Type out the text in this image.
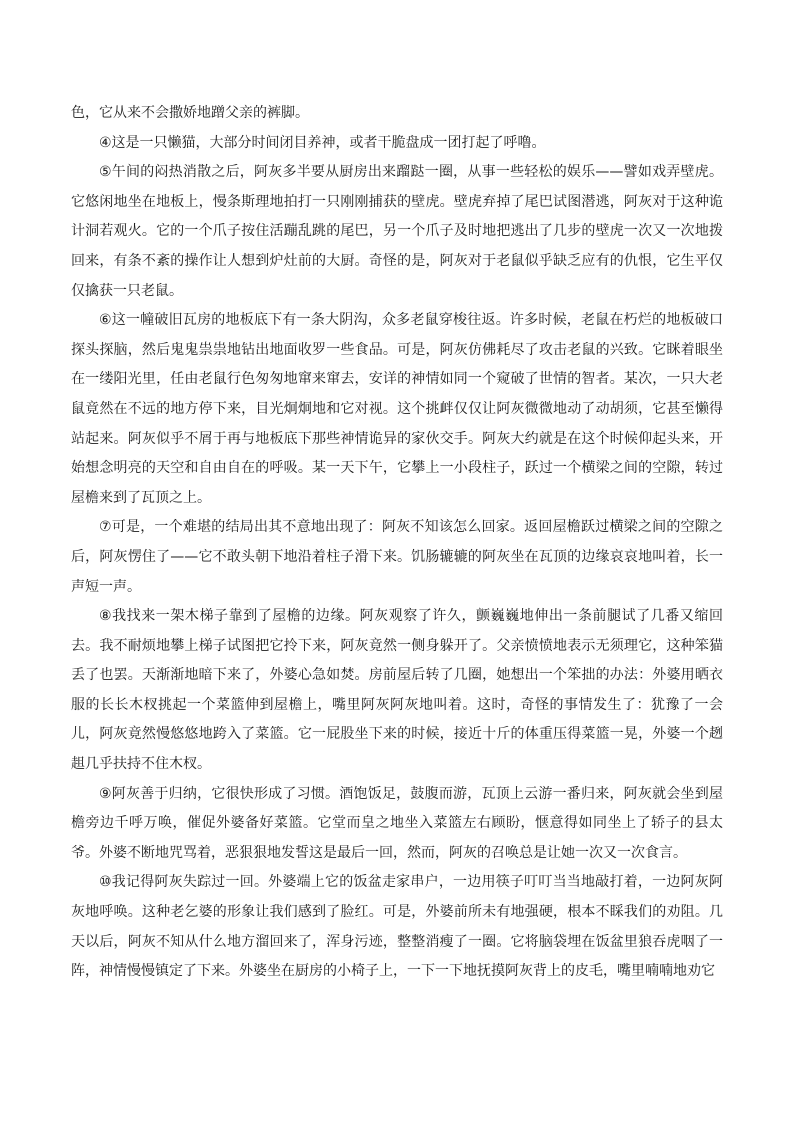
色，它从来不会撒娇地蹭父亲的裤脚。

④这是一只懒猫，大部分时间闭目养神，或者干脆盘成一团打起了呼噜。

⑤午间的闷热消散之后，阿灰多半要从厨房出来蹓跶一圈，从事一些轻松的娱乐——譬如戏弄壁虎。它悠闲地坐在地板上，慢条斯理地拍打一只刚刚捕获的壁虎。壁虎弃掉了尾巴试图潜逃，阿灰对于这种诡计洞若观火。它的一个爪子按住活蹦乱跳的尾巴，另一个爪子及时地把逃出了几步的壁虎一次又一次地拨回来，有条不紊的操作让人想到炉灶前的大厨。奇怪的是，阿灰对于老鼠似乎缺乏应有的仇恨，它生平仅仅擒获一只老鼠。

⑥这一幢破旧瓦房的地板底下有一条大阴沟，众多老鼠穿梭往返。许多时候，老鼠在朽烂的地板破口探头探脑，然后鬼鬼祟祟地钻出地面收罗一些食品。可是，阿灰仿佛耗尽了攻击老鼠的兴致。它眯着眼坐在一缕阳光里，任由老鼠行色匆匆地窜来窜去，安详的神情如同一个窥破了世情的智者。某次，一只大老鼠竟然在不远的地方停下来，目光炯炯地和它对视。这个挑衅仅仅让阿灰微微地动了动胡须，它甚至懒得站起来。阿灰似乎不屑于再与地板底下那些神情诡异的家伙交手。阿灰大约就是在这个时候仰起头来，开始想念明亮的天空和自由自在的呼吸。某一天下午，它攀上一小段柱子，跃过一个横梁之间的空隙，转过屋檐来到了瓦顶之上。

⑦可是，一个难堪的结局出其不意地出现了：阿灰不知该怎么回家。返回屋檐跃过横梁之间的空隙之后，阿灰愣住了——它不敢头朝下地沿着柱子滑下来。饥肠辘辘的阿灰坐在瓦顶的边缘哀哀地叫着，长一声短一声。

⑧我找来一架木梯子靠到了屋檐的边缘。阿灰观察了许久，颤巍巍地伸出一条前腿试了几番又缩回去。我不耐烦地攀上梯子试图把它拎下来，阿灰竟然一侧身躲开了。父亲愤愤地表示无须理它，这种笨猫丢了也罢。天渐渐地暗下来了，外婆心急如焚。房前屋后转了几圈，她想出一个笨拙的办法：外婆用晒衣服的长长木杈挑起一个菜篮伸到屋檐上，嘴里阿灰阿灰地叫着。这时，奇怪的事情发生了：犹豫了一会儿，阿灰竟然慢悠悠地跨入了菜篮。它一屁股坐下来的时候，接近十斤的体重压得菜篮一晃，外婆一个趔趄几乎扶持不住木杈。

⑨阿灰善于归纳，它很快形成了习惯。酒饱饭足，鼓腹而游，瓦顶上云游一番归来，阿灰就会坐到屋檐旁边千呼万唤，催促外婆备好菜篮。它堂而皇之地坐入菜篮左右顾盼，惬意得如同坐上了轿子的县太爷。外婆不断地咒骂着，恶狠狠地发誓这是最后一回，然而，阿灰的召唤总是让她一次又一次食言。

⑩我记得阿灰失踪过一回。外婆端上它的饭盆走家串户，一边用筷子叮叮当当地敲打着，一边阿灰阿灰地呼唤。这种老乞婆的形象让我们感到了脸红。可是，外婆前所未有地强硬，根本不睬我们的劝阻。几天以后，阿灰不知从什么地方溜回来了，浑身污迹，整整消瘦了一圈。它将脑袋埋在饭盆里狼吞虎咽了一阵，神情慢慢镇定了下来。外婆坐在厨房的小椅子上，一下一下地抚摸阿灰背上的皮毛，嘴里喃喃地劝它
